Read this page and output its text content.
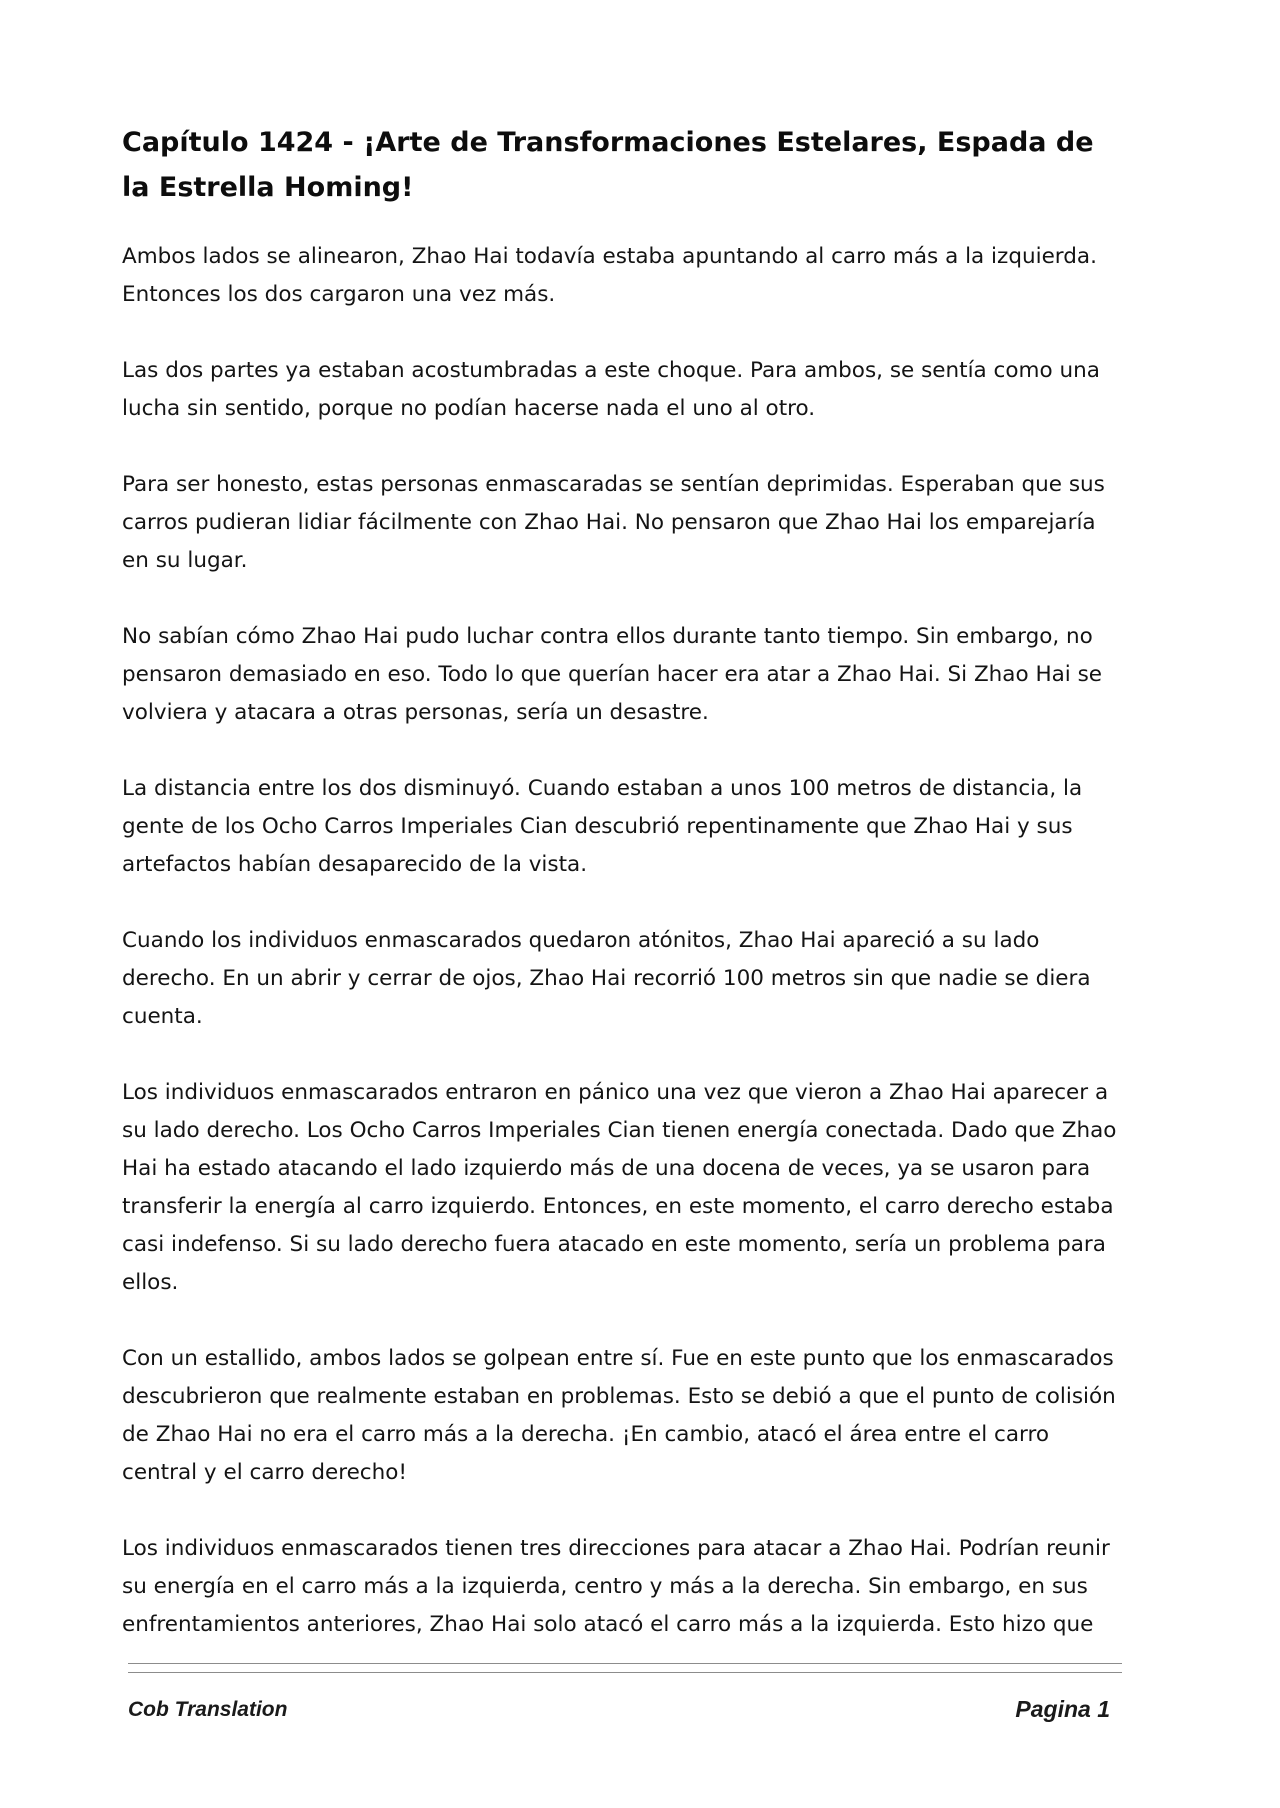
Capítulo 1424 - ¡Arte de Transformaciones Estelares, Espada de la Estrella Homing!

Ambos lados se alinearon, Zhao Hai todavía estaba apuntando al carro más a la izquierda. Entonces los dos cargaron una vez más.

Las dos partes ya estaban acostumbradas a este choque. Para ambos, se sentía como una lucha sin sentido, porque no podían hacerse nada el uno al otro.

Para ser honesto, estas personas enmascaradas se sentían deprimidas. Esperaban que sus carros pudieran lidiar fácilmente con Zhao Hai. No pensaron que Zhao Hai los emparejaría en su lugar.

No sabían cómo Zhao Hai pudo luchar contra ellos durante tanto tiempo. Sin embargo, no pensaron demasiado en eso. Todo lo que querían hacer era atar a Zhao Hai. Si Zhao Hai se volviera y atacara a otras personas, sería un desastre.

La distancia entre los dos disminuyó. Cuando estaban a unos 100 metros de distancia, la gente de los Ocho Carros Imperiales Cian descubrió repentinamente que Zhao Hai y sus artefactos habían desaparecido de la vista.

Cuando los individuos enmascarados quedaron atónitos, Zhao Hai apareció a su lado derecho. En un abrir y cerrar de ojos, Zhao Hai recorrió 100 metros sin que nadie se diera cuenta.

Los individuos enmascarados entraron en pánico una vez que vieron a Zhao Hai aparecer a su lado derecho. Los Ocho Carros Imperiales Cian tienen energía conectada. Dado que Zhao Hai ha estado atacando el lado izquierdo más de una docena de veces, ya se usaron para transferir la energía al carro izquierdo. Entonces, en este momento, el carro derecho estaba casi indefenso. Si su lado derecho fuera atacado en este momento, sería un problema para ellos.

Con un estallido, ambos lados se golpean entre sí. Fue en este punto que los enmascarados descubrieron que realmente estaban en problemas. Esto se debió a que el punto de colisión de Zhao Hai no era el carro más a la derecha. ¡En cambio, atacó el área entre el carro central y el carro derecho!

Los individuos enmascarados tienen tres direcciones para atacar a Zhao Hai. Podrían reunir su energía en el carro más a la izquierda, centro y más a la derecha. Sin embargo, en sus enfrentamientos anteriores, Zhao Hai solo atacó el carro más a la izquierda. Esto hizo que

Cob Translation	Pagina 1
